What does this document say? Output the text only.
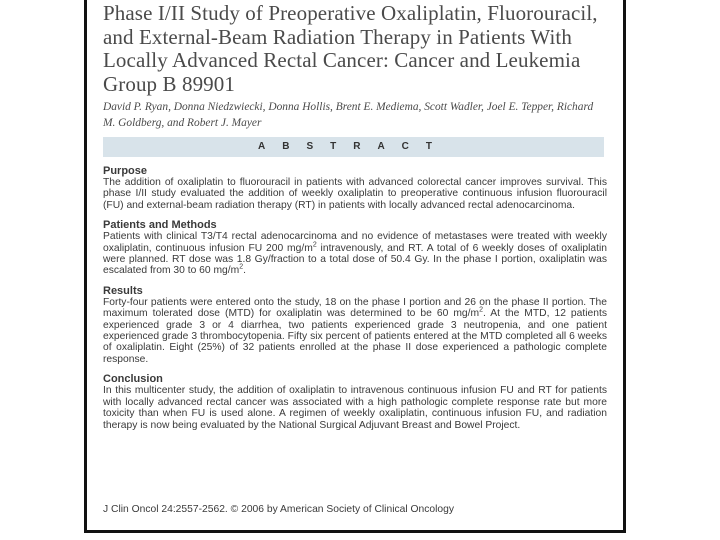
Phase I/II Study of Preoperative Oxaliplatin, Fluorouracil, and External-Beam Radiation Therapy in Patients With Locally Advanced Rectal Cancer: Cancer and Leukemia Group B 89901
David P. Ryan, Donna Niedzwiecki, Donna Hollis, Brent E. Mediema, Scott Wadler, Joel E. Tepper, Richard M. Goldberg, and Robert J. Mayer
ABSTRACT
Purpose
The addition of oxaliplatin to fluorouracil in patients with advanced colorectal cancer improves survival. This phase I/II study evaluated the addition of weekly oxaliplatin to preoperative continuous infusion fluorouracil (FU) and external-beam radiation therapy (RT) in patients with locally advanced rectal adenocarcinoma.
Patients and Methods
Patients with clinical T3/T4 rectal adenocarcinoma and no evidence of metastases were treated with weekly oxaliplatin, continuous infusion FU 200 $mg/m^2$ intravenously, and RT. A total of 6 weekly doses of oxaliplatin were planned. RT dose was 1.8 Gy/fraction to a total dose of 50.4 Gy. In the phase I portion, oxaliplatin was escalated from 30 to 60 $mg/m^2$.
Results
Forty-four patients were entered onto the study, 18 on the phase I portion and 26 on the phase II portion. The maximum tolerated dose (MTD) for oxaliplatin was determined to be 60 $mg/m^2$. At the MTD, 12 patients experienced grade 3 or 4 diarrhea, two patients experienced grade 3 neutropenia, and one patient experienced grade 3 thrombocytopenia. Fifty six percent of patients entered at the MTD completed all 6 weeks of oxaliplatin. Eight (25%) of 32 patients enrolled at the phase II dose experienced a pathologic complete response.
Conclusion
In this multicenter study, the addition of oxaliplatin to intravenous continuous infusion FU and RT for patients with locally advanced rectal cancer was associated with a high pathologic complete response rate but more toxicity than when FU is used alone. A regimen of weekly oxaliplatin, continuous infusion FU, and radiation therapy is now being evaluated by the National Surgical Adjuvant Breast and Bowel Project.
J Clin Oncol 24:2557-2562. © 2006 by American Society of Clinical Oncology
